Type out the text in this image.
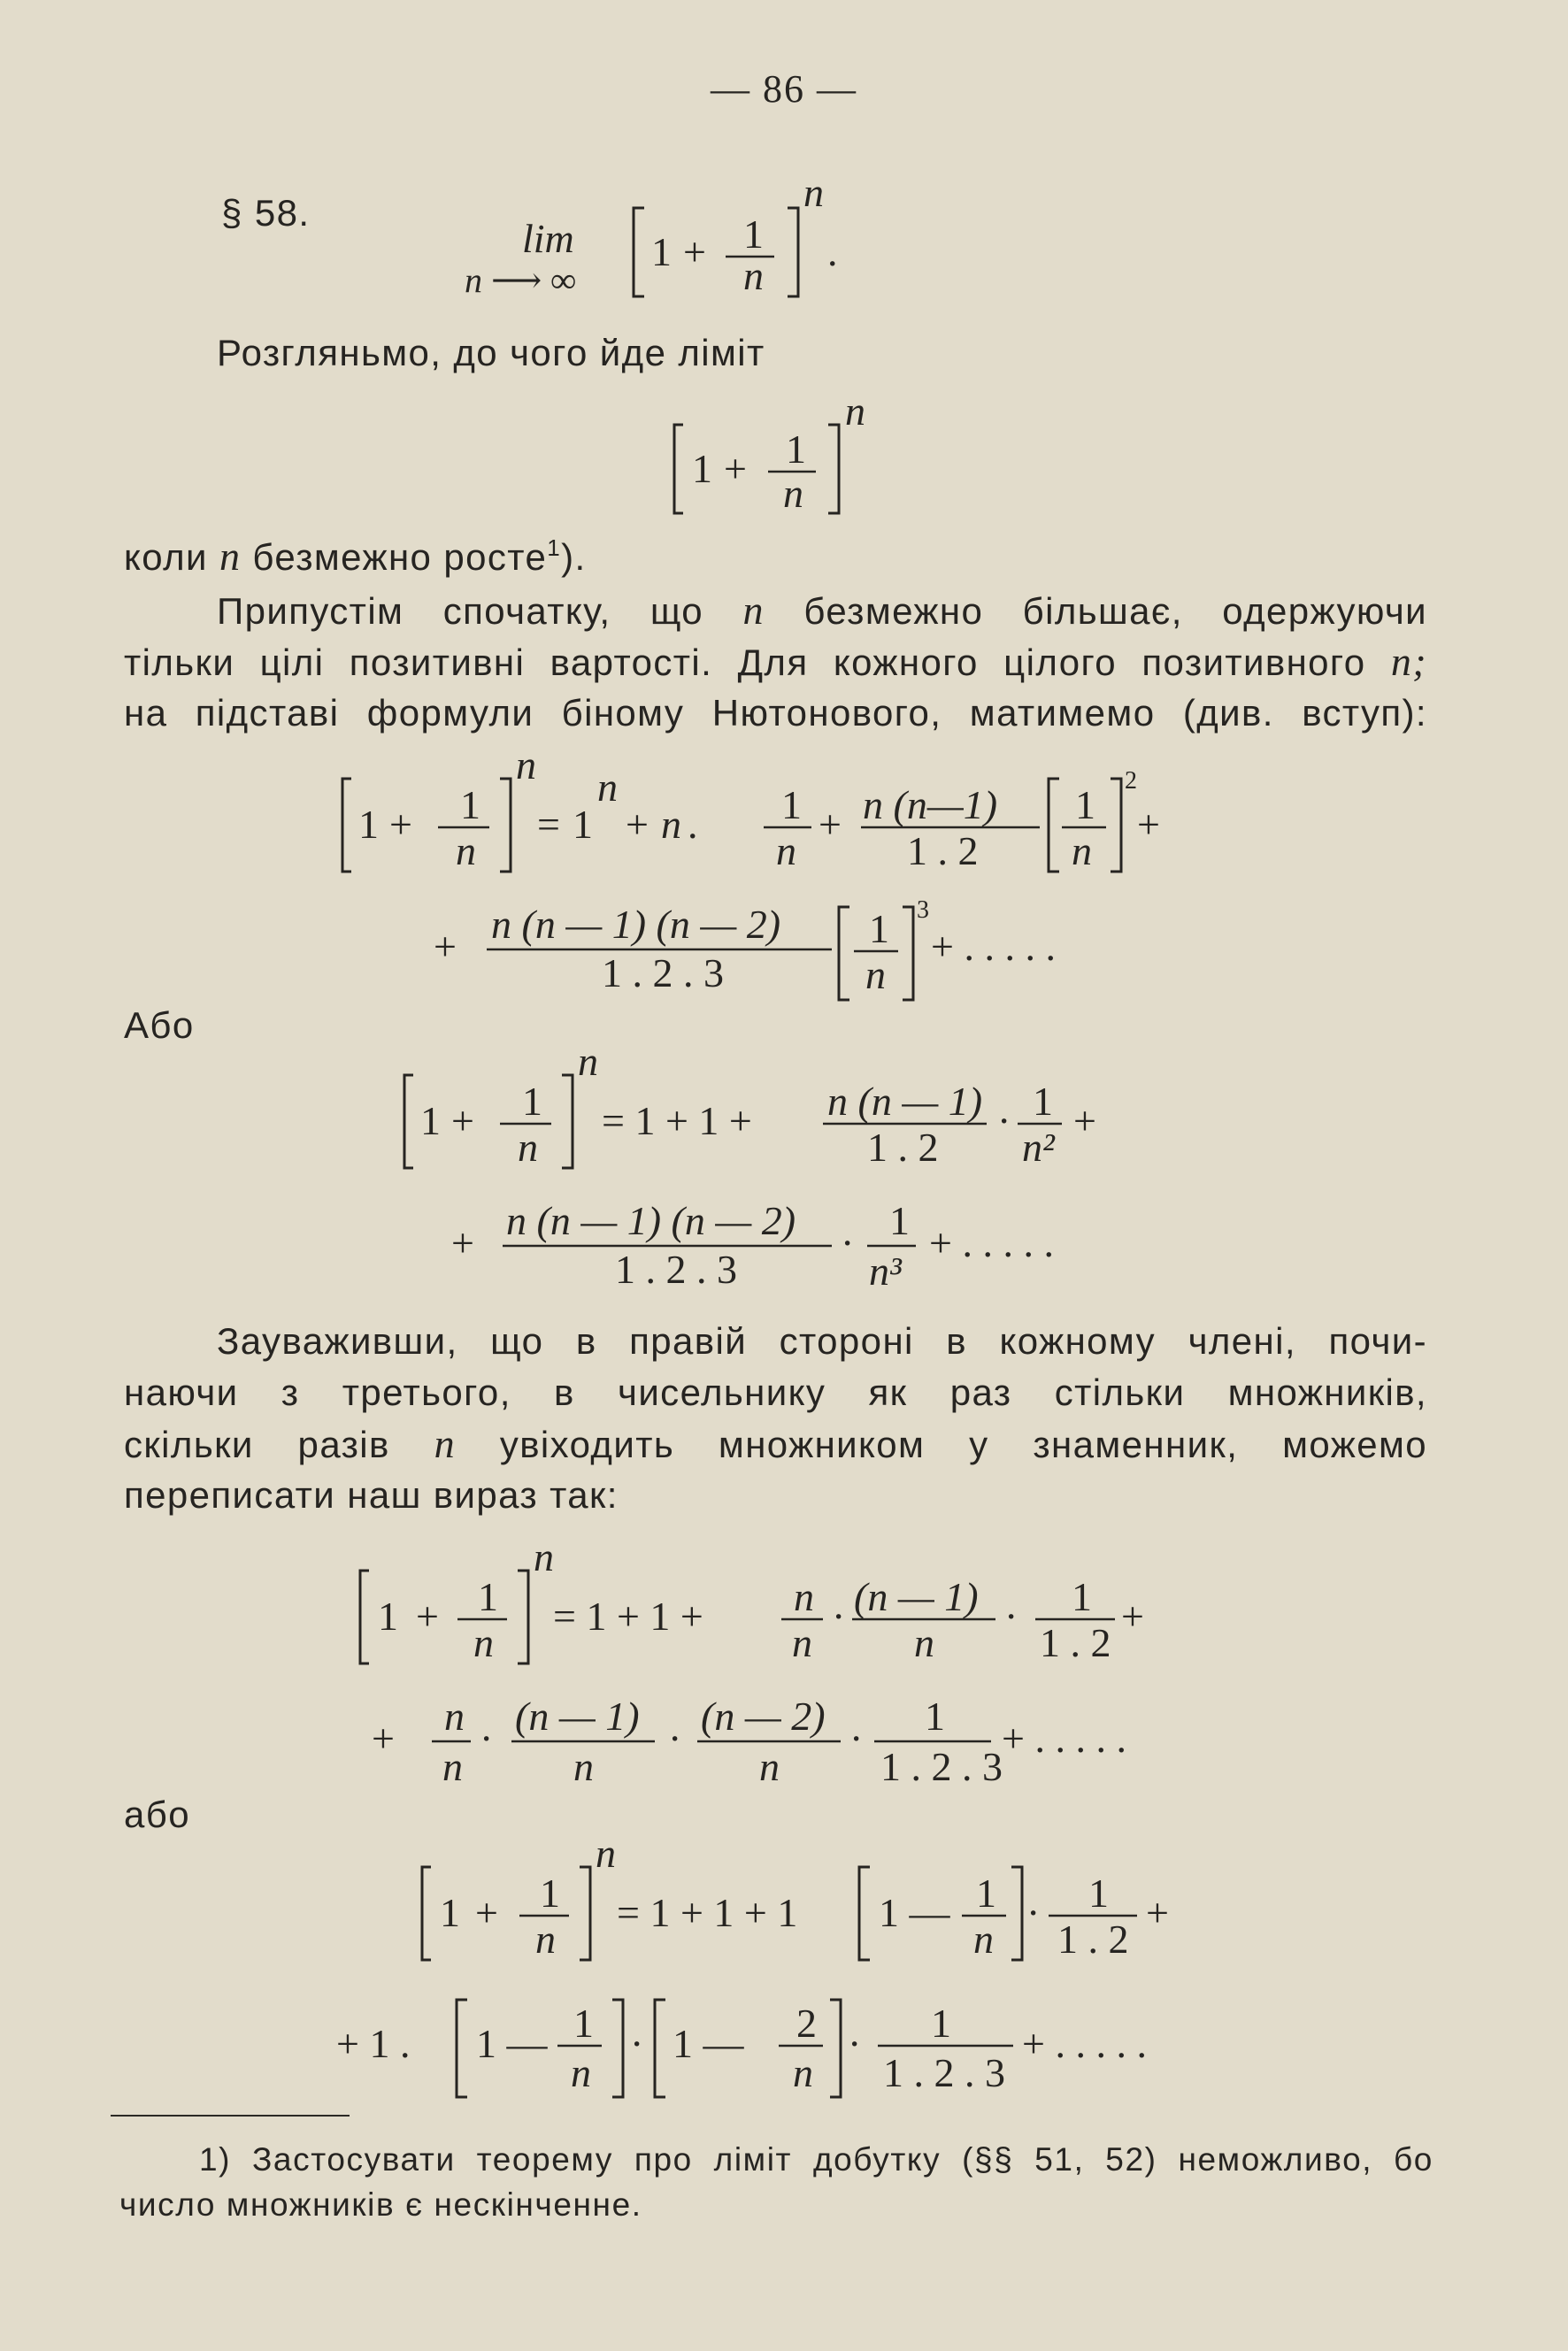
— 86 —
§ 58.
lim
n ⟶ ∞
1 + 1
n
n
.
Розгляньмо, до чого йде ліміт
1 + 1
n
n
коли n безмежно росте$^1$).
Припустім спочатку, що n безмежно більшає, одержуючи
тільки цілі позитивні вартості. Для кожного цілого позитивного n;
на підставі формули біному Нютонового, матимемо (див. вступ):
1 + 1
n
n
= 1
n
+ n . 1
n
+ n (n—1)
1 . 2
1
n
2
+
+ n (n — 1) (n — 2)
1 . 2 . 3
1
n
3
+ . . . . .
Або
1 + 1
n
n
= 1 + 1 + n (n — 1)
1 . 2
· 1
n²
+
+ n (n — 1) (n — 2)
1 . 2 . 3
· 1
n³
+ . . . . .
Зауваживши, що в правій стороні в кожному члені, почи-
наючи з третього, в чисельнику як раз стільки множників,
скільки разів n увіходить множником у знаменник, можемо
переписати наш вираз так:
1 + 1
n
n
= 1 + 1 + n
n
· (n — 1)
n
· 1
1 . 2
+
+ n
n
· (n — 1)
n
· (n — 2)
n
· 1
1 . 2 . 3
+ . . . . .
або
1 + 1
n
n
= 1 + 1 + 1 1 — 1
n
· 1
1 . 2
+
+ 1 . 1 — 1
n
· 1 — 2
n
· 1
1 . 2 . 3
+ . . . . .
1) Застосувати теорему про ліміт добутку (§§ 51, 52) неможливо, бо
число множників є нескінченне.
